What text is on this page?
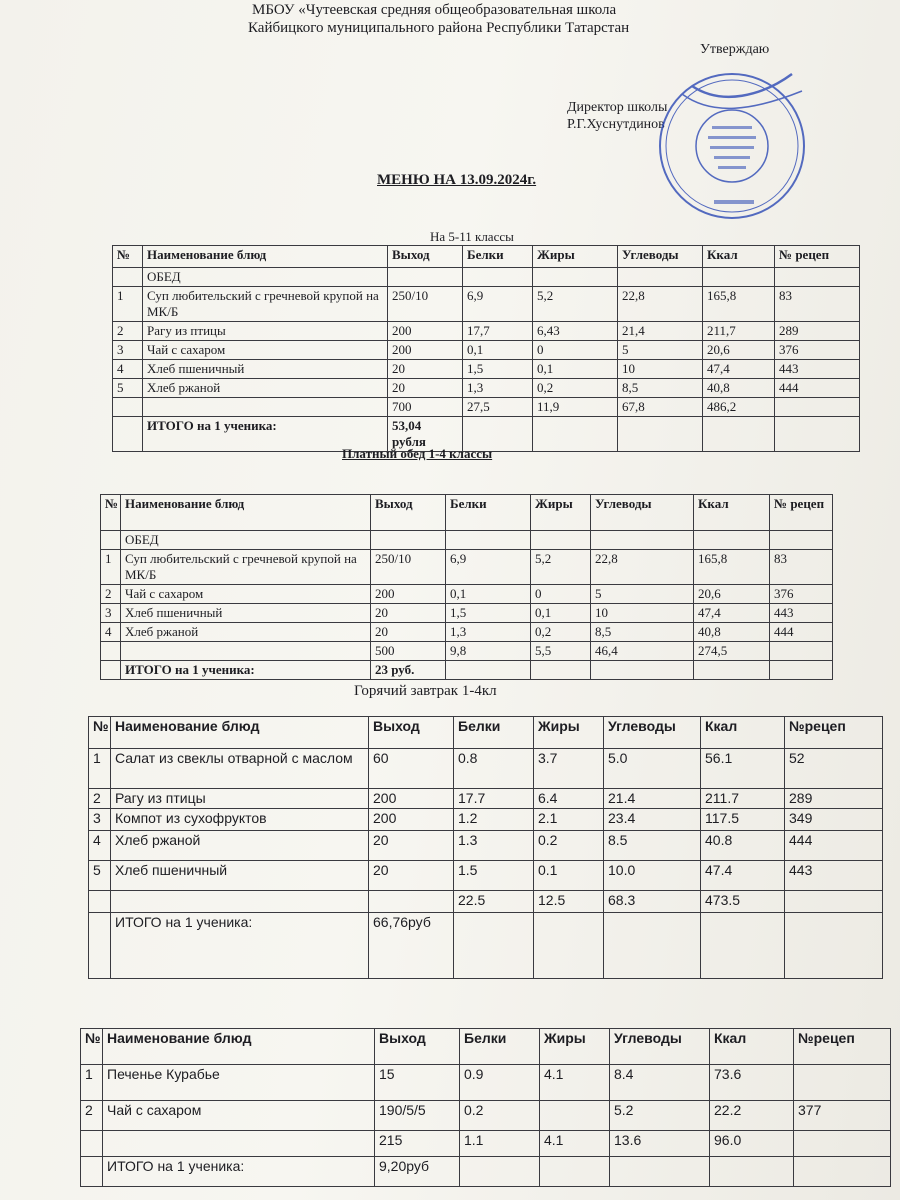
МБОУ «Чутеевская средняя общеобразовательная школа
Кайбицкого муниципального района Республики Татарстан
Утверждаю
Директор школы
Р.Г.Хуснутдинов
МЕНЮ НА 13.09.2024г.
На 5-11 классы
№	Наименование блюд	Выход	Белки	Жиры	Углеводы	Ккал	№ рецеп
	ОБЕД						
1	Суп любительский с гречневой крупой на МК/Б	250/10	6,9	5,2	22,8	165,8	83
2	Рагу из птицы	200	17,7	6,43	21,4	211,7	289
3	Чай с сахаром	200	0,1	0	5	20,6	376
4	Хлеб пшеничный	20	1,5	0,1	10	47,4	443
5	Хлеб ржаной	20	1,3	0,2	8,5	40,8	444
		700	27,5	11,9	67,8	486,2	
	ИТОГО на 1 ученика:	53,04 рубля					
Платный обед 1-4 классы
№	Наименование блюд	Выход	Белки	Жиры	Углеводы	Ккал	№ рецеп
	ОБЕД						
1	Суп любительский с гречневой крупой на МК/Б	250/10	6,9	5,2	22,8	165,8	83
2	Чай с сахаром	200	0,1	0	5	20,6	376
3	Хлеб пшеничный	20	1,5	0,1	10	47,4	443
4	Хлеб ржаной	20	1,3	0,2	8,5	40,8	444
		500	9,8	5,5	46,4	274,5	
	ИТОГО на 1 ученика:	23 руб.					
Горячий завтрак 1-4кл
№	Наименование блюд	Выход	Белки	Жиры	Углеводы	Ккал	№рецеп
1	Салат из свеклы отварной с маслом	60	0.8	3.7	5.0	56.1	52
2	Рагу из птицы	200	17.7	6.4	21.4	211.7	289
3	Компот из сухофруктов	200	1.2	2.1	23.4	117.5	349
4	Хлеб ржаной	20	1.3	0.2	8.5	40.8	444
5	Хлеб пшеничный	20	1.5	0.1	10.0	47.4	443
			22.5	12.5	68.3	473.5	
	ИТОГО на 1 ученика:	66,76руб					
№	Наименование блюд	Выход	Белки	Жиры	Углеводы	Ккал	№рецеп
1	Печенье Курабье	15	0.9	4.1	8.4	73.6	
2	Чай с сахаром	190/5/5	0.2		5.2	22.2	377
		215	1.1	4.1	13.6	96.0	
	ИТОГО на 1 ученика:	9,20руб					
